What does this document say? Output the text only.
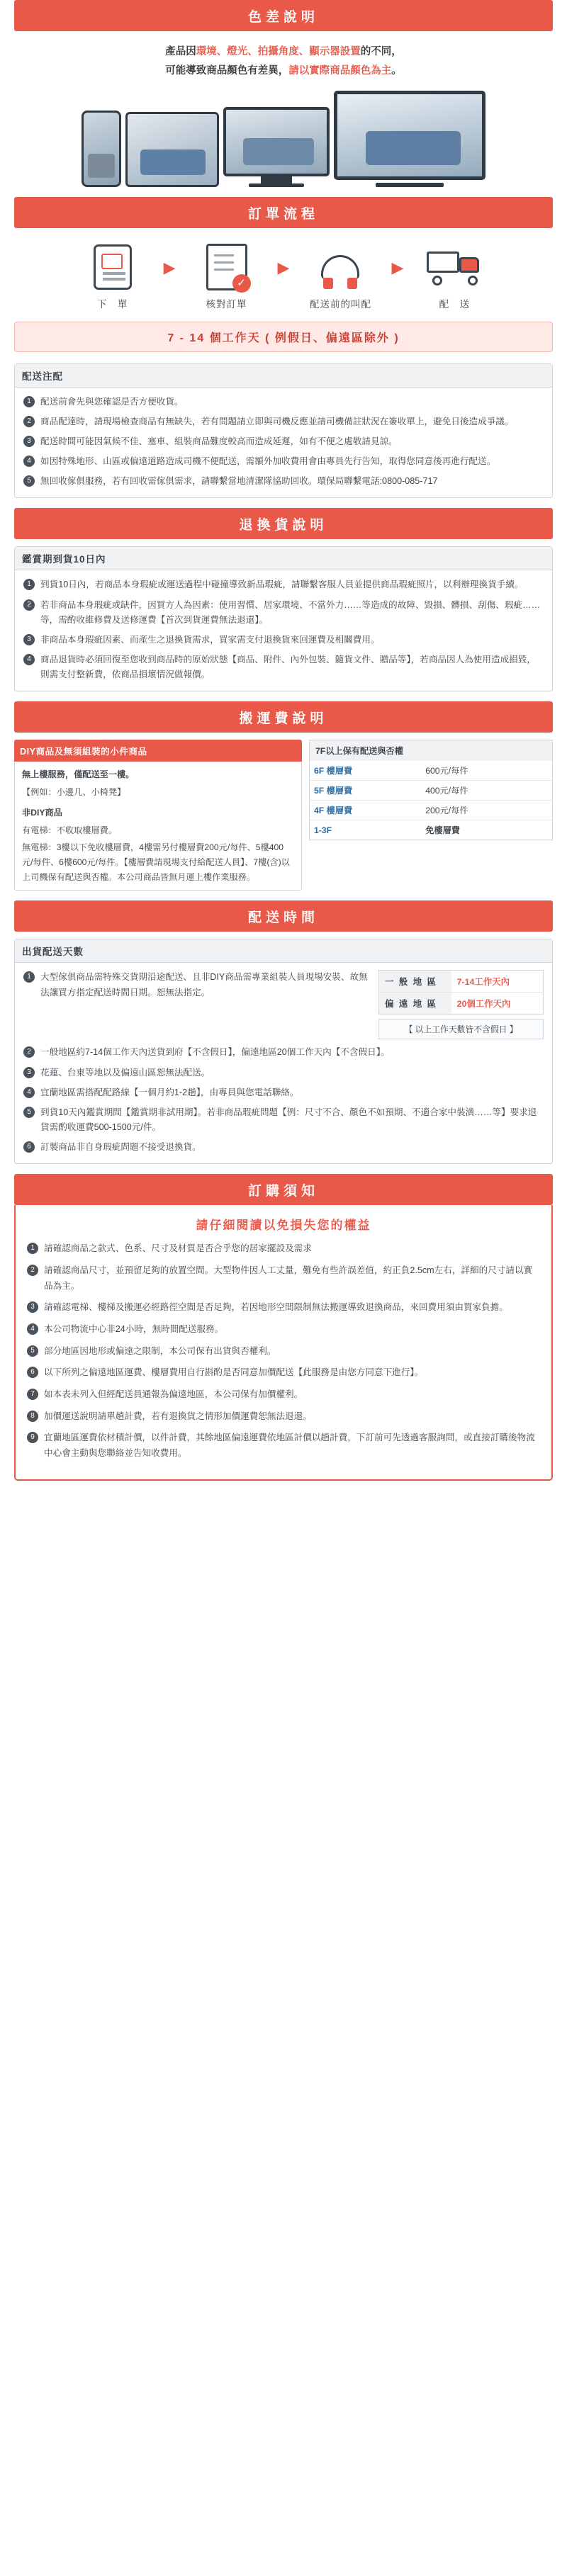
色差說明
產品因環境、燈光、拍攝角度、顯示器設置的不同，
可能導致商品顏色有差異，請以實際商品顏色為主。
訂單流程
下　單
▶
✓
核對訂單
▶
配送前的叫配
▶
配　送
7 - 14 個工作天 ( 例假日、偏遠區除外 )
配送注配
1	配送前會先與您確認是否方便收貨。
2	商品配達時，請現場檢查商品有無缺失，若有問題請立即與司機反應並請司機備註狀況在簽收單上，避免日後造成爭議。
3	配送時間可能因氣候不佳、塞車、組裝商品難度較高而造成延遲，如有不便之處敬請見諒。
4	如因特殊地形、山區或偏遠道路造成司機不便配送，需額外加收費用會由專員先行告知，取得您同意後再進行配送。
5	無回收傢俱服務，若有回收需傢俱需求，請聯繫當地清潔隊協助回收。環保局聯繫電話:0800-085-717
退換貨說明
鑑賞期到貨10日內
1	到貨10日內，若商品本身瑕疵或運送過程中碰撞導致新品瑕疵，請聯繫客服人員並提供商品瑕疵照片，以利辦理換貨手續。
2	若非商品本身瑕疵或缺件，因買方人為因素：使用習慣、居家環境、不當外力……等造成的故障、毀損、髒損、刮傷、瑕疵……等，需酌收維修費及送修運費【首次到貨運費無法退還】。
3	非商品本身瑕疵因素、而產生之退換貨需求，買家需支付退換貨來回運費及相關費用。
4	商品退貨時必須回復至您收到商品時的原始狀態【商品、附件、內外包裝、隨貨文件、贈品等】，若商品因人為使用造成損毀，則需支付整新費，依商品損壞情況做報價。
搬運費說明
DIY商品及無須組裝的小件商品

無上樓服務，僅配送至一樓。

【例如：小邊几、小椅凳】

非DIY商品

有電梯：不收取樓層費。

無電梯：3樓以下免收樓層費，4樓需另付樓層費200元/每件、5樓400元/每件、6樓600元/每件。【樓層費請現場支付給配送人員】、7樓(含)以上司機保有配送與否權。本公司商品皆無月運上樓作業服務。

7F以上保有配送與否權
6F 樓層費	600元/每件
5F 樓層費	400元/每件
4F 樓層費	200元/每件
1-3F	免樓層費
配送時間
出貨配送天數
1	大型傢俱商品需特殊交貨期沿途配送、且非DIY商品需專業組裝人員現場安裝、故無法讓買方指定配送時間日期。恕無法指定。
一 般 地 區	7-14工作天內
偏 遠 地 區	20個工作天內
【 以上工作天數皆不含假日 】
2	一般地區約7-14個工作天內送貨到府【不含假日】，偏遠地區20個工作天內【不含假日】。
3	花蓮、台東等地以及偏遠山區恕無法配送。
4	宜蘭地區需搭配配路線【一個月約1-2趟】，由專員與您電話聯絡。
5	到貨10天內鑑賞期間【鑑賞期非試用期】。若非商品瑕疵問題【例：尺寸不合、顏色不如預期、不適合家中裝潢……等】要求退貨需酌收運費500-1500元/件。
6	訂製商品非自身瑕疵問題不接受退換貨。
訂購須知
請仔細閱讀以免損失您的權益
1	請確認商品之款式、色系、尺寸及材質是否合乎您的居家擺設及需求
2	請確認商品尺寸，並預留足夠的放置空間。大型物件因人工丈量，難免有些許誤差值，約正負2.5cm左右，詳細的尺寸請以實品為主。
3	請確認電梯、樓梯及搬運必經路徑空間是否足夠，若因地形空間限制無法搬運導致退換商品，來回費用須由買家負擔。
4	本公司物流中心非24小時，無時間配送服務。
5	部分地區因地形或偏遠之限制，本公司保有出貨與否權利。
6	以下所列之偏遠地區運費、樓層費用自行斟酌是否同意加價配送【此服務是由您方同意下進行】。
7	如本表未列入但經配送員通報為偏遠地區，本公司保有加價權利。
8	加價運送說明請單趟計費，若有退換貨之情形加價運費恕無法退還。
9	宜蘭地區運費依材積計價，以件計費，其餘地區偏遠運費依地區計價以趟計費，下訂前可先透過客服詢問，或直接訂購後物流中心會主動與您聯絡並告知收費用。
